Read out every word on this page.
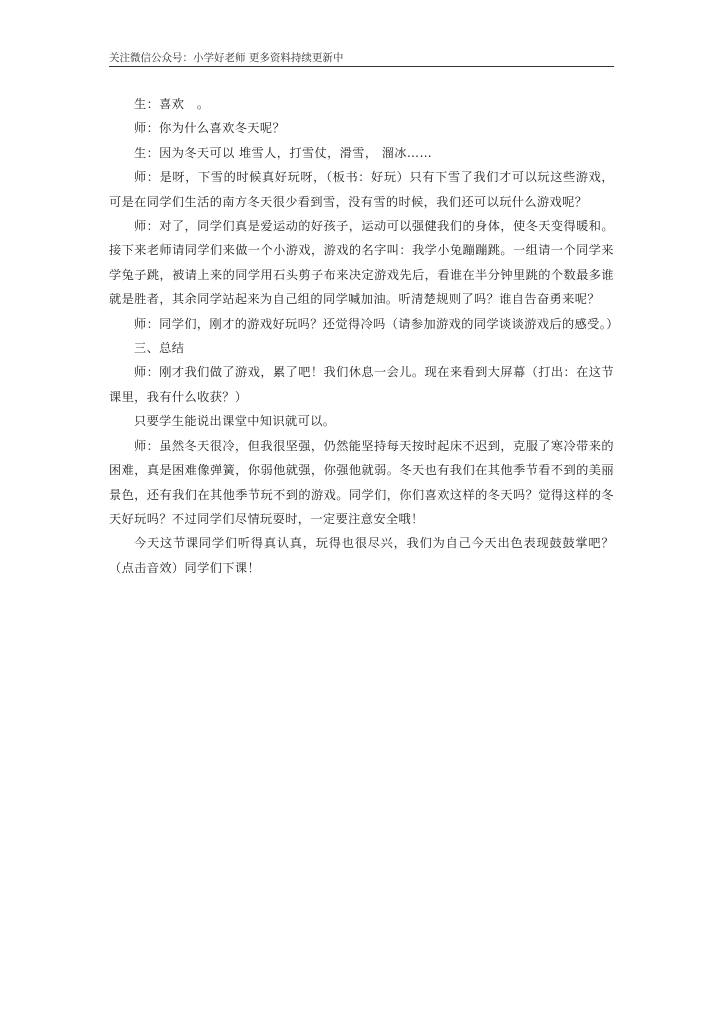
关注微信公众号：小学好老师 更多资料持续更新中

生：喜欢　。

师：你为什么喜欢冬天呢？

生：因为冬天可以 堆雪人，打雪仗，滑雪， 溜冰……

师：是呀，下雪的时候真好玩呀，（板书：好玩）只有下雪了我们才可以玩这些游戏，可是在同学们生活的南方冬天很少看到雪，没有雪的时候，我们还可以玩什么游戏呢？

师：对了，同学们真是爱运动的好孩子，运动可以强健我们的身体，使冬天变得暖和。接下来老师请同学们来做一个小游戏，游戏的名字叫：我学小兔蹦蹦跳。一组请一个同学来学兔子跳，被请上来的同学用石头剪子布来决定游戏先后，看谁在半分钟里跳的个数最多谁就是胜者，其余同学站起来为自己组的同学喊加油。听清楚规则了吗？谁自告奋勇来呢？

师：同学们，刚才的游戏好玩吗？还觉得冷吗（请参加游戏的同学谈谈游戏后的感受。）

三、总结

师：刚才我们做了游戏，累了吧！我们休息一会儿。现在来看到大屏幕（打出：在这节课里，我有什么收获？）

只要学生能说出课堂中知识就可以。

师：虽然冬天很冷，但我很坚强，仍然能坚持每天按时起床不迟到，克服了寒冷带来的困难，真是困难像弹簧，你弱他就强，你强他就弱。冬天也有我们在其他季节看不到的美丽景色，还有我们在其他季节玩不到的游戏。同学们，你们喜欢这样的冬天吗？觉得这样的冬天好玩吗？不过同学们尽情玩耍时，一定要注意安全哦！

今天这节课同学们听得真认真，玩得也很尽兴，我们为自己今天出色表现鼓鼓掌吧？（点击音效）同学们下课！
